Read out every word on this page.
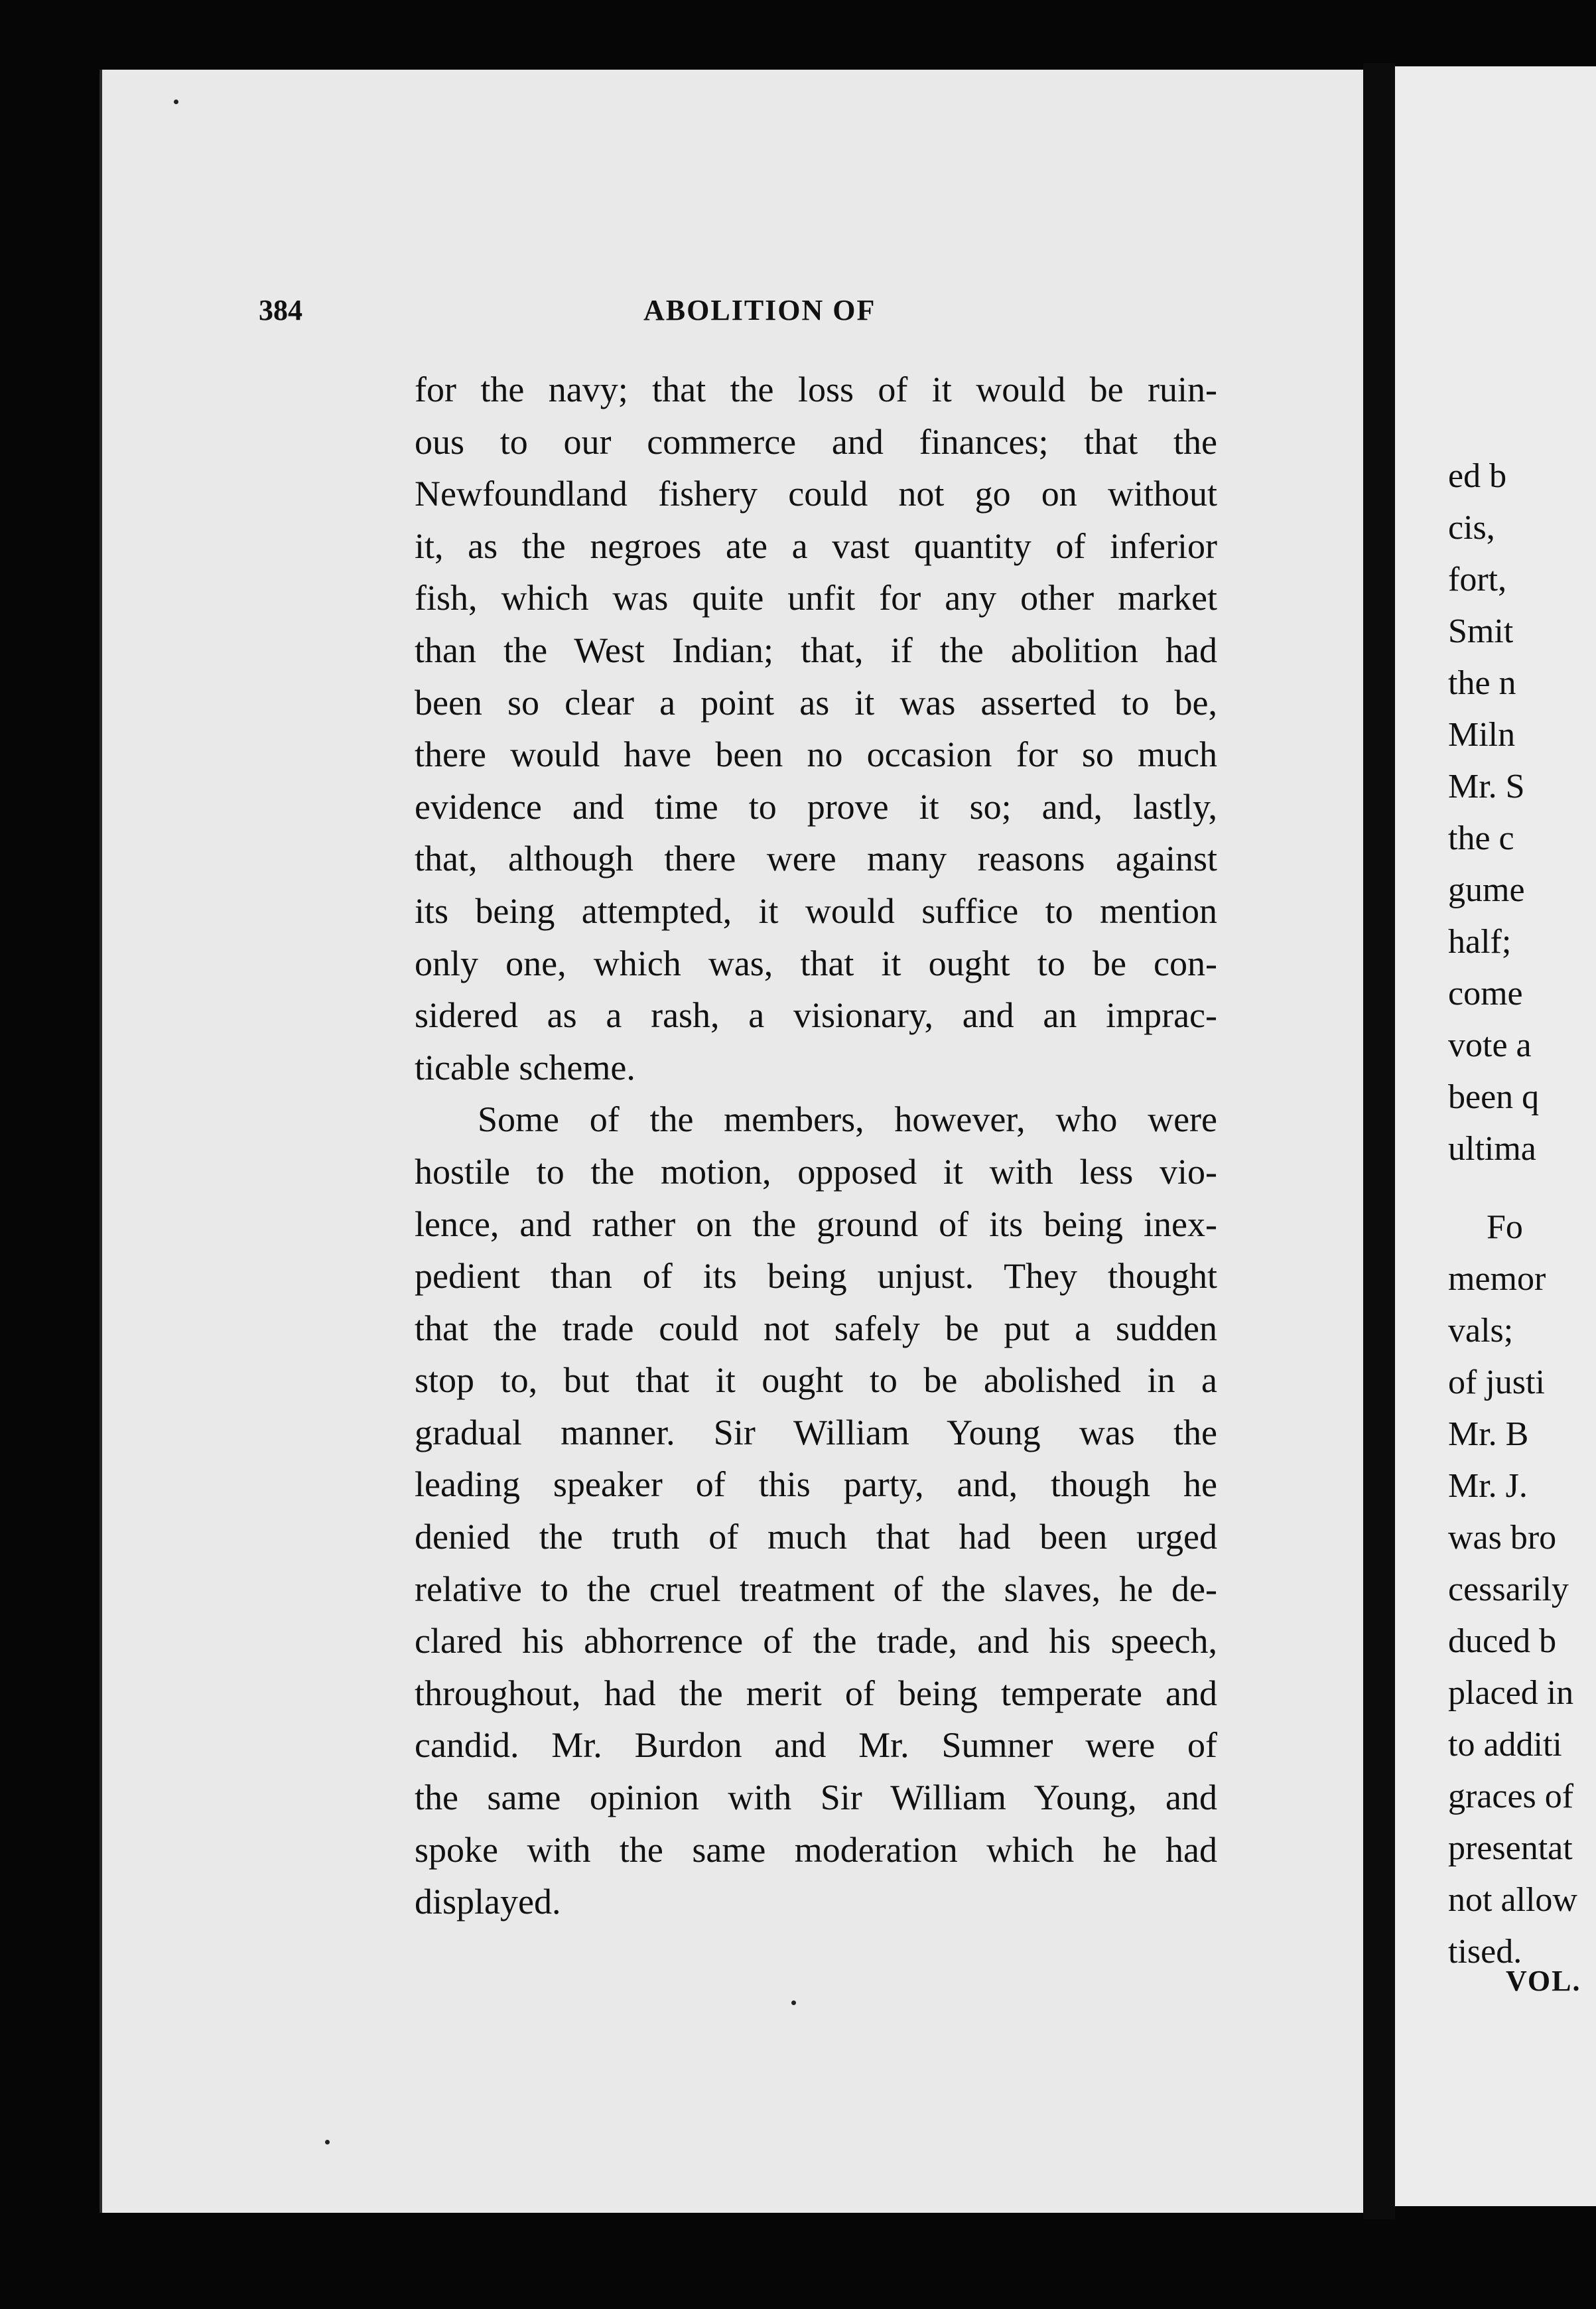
384	ABOLITION OF
for the navy; that the loss of it would be ruin-
ous to our commerce and finances; that the
Newfoundland fishery could not go on without
it, as the negroes ate a vast quantity of inferior
fish, which was quite unfit for any other market
than the West Indian; that, if the abolition had
been so clear a point as it was asserted to be,
there would have been no occasion for so much
evidence and time to prove it so; and, lastly,
that, although there were many reasons against
its being attempted, it would suffice to mention
only one, which was, that it ought to be con-
sidered as a rash, a visionary, and an imprac-
ticable scheme.
Some of the members, however, who were
hostile to the motion, opposed it with less vio-
lence, and rather on the ground of its being inex-
pedient than of its being unjust. They thought
that the trade could not safely be put a sudden
stop to, but that it ought to be abolished in a
gradual manner. Sir William Young was the
leading speaker of this party, and, though he
denied the truth of much that had been urged
relative to the cruel treatment of the slaves, he de-
clared his abhorrence of the trade, and his speech,
throughout, had the merit of being temperate and
candid. Mr. Burdon and Mr. Sumner were of
the same opinion with Sir William Young, and
spoke with the same moderation which he had
displayed.
ed b
cis,
fort,
Smit
the n
Miln
Mr. S
the c
gume
half;
come
vote a
been q
ultima
Fo
memor
vals;
of justi
Mr. B
Mr. J.
was bro
cessarily
duced b
placed in
to additi
graces of
presentat
not allow
tised.
VOL.
